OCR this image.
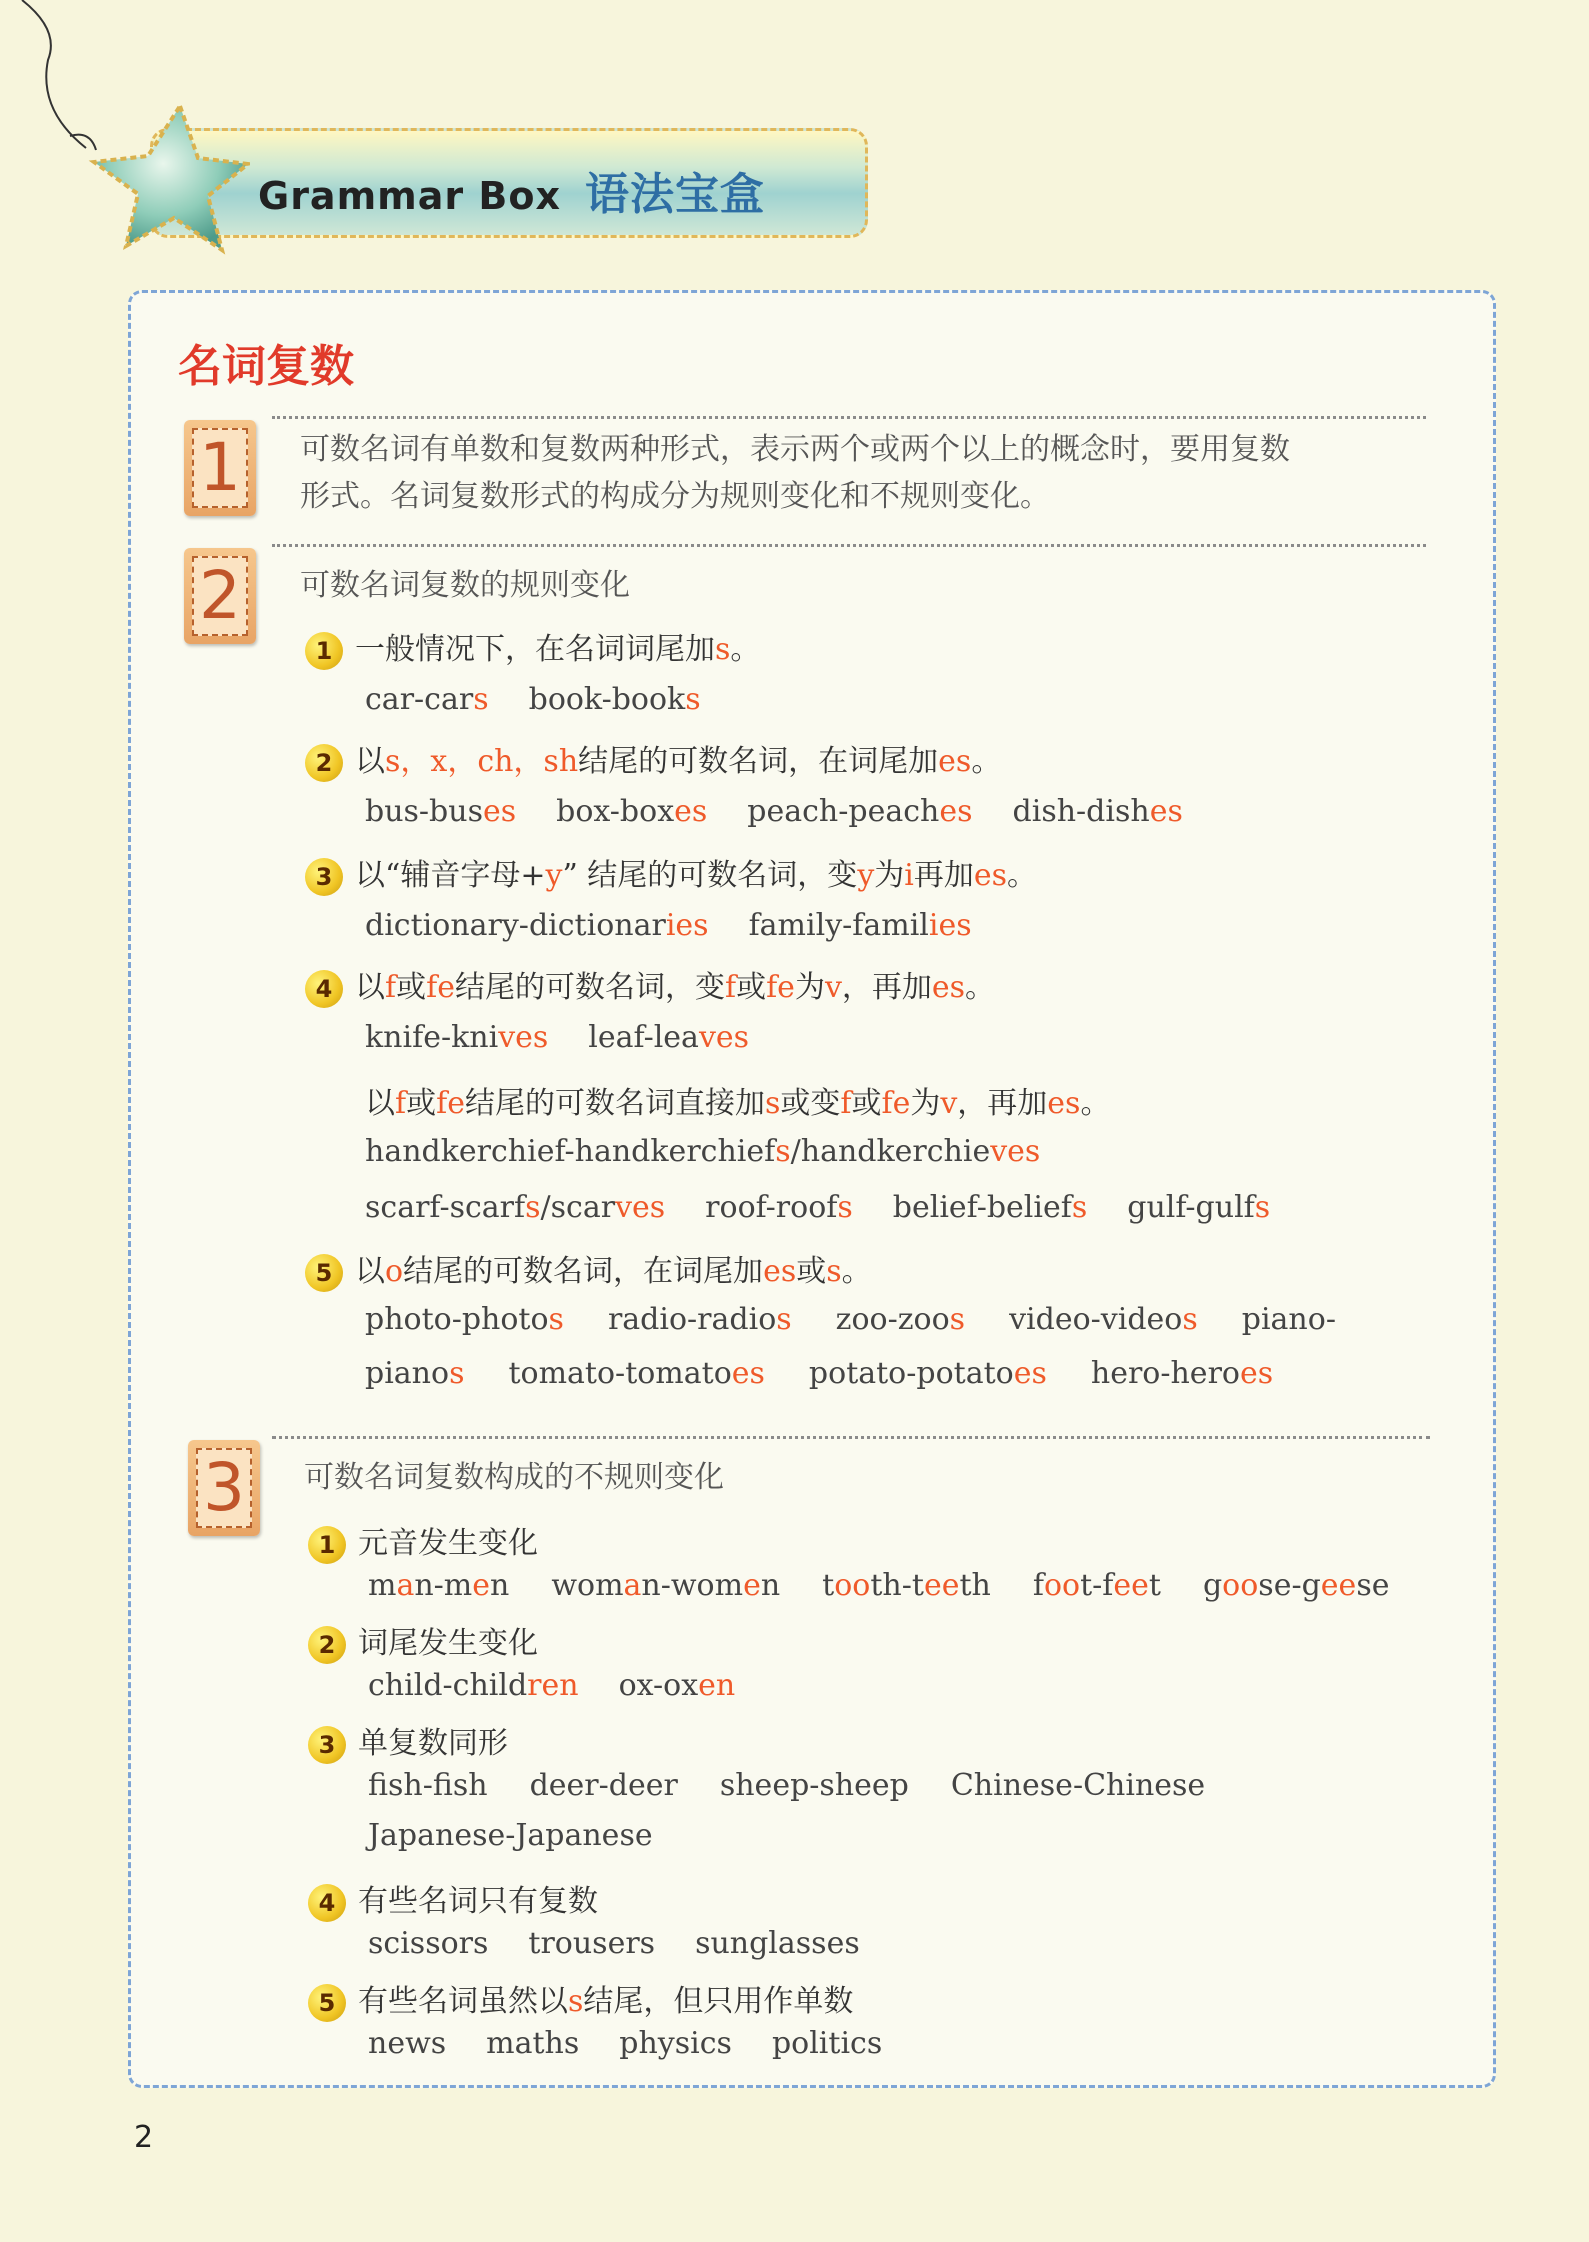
Grammar Box 语法宝盒
名词复数
1 可数名词有单数和复数两种形式，表示两个或两个以上的概念时，要用复数
形式。名词复数形式的构成分为规则变化和不规则变化。
2 可数名词复数的规则变化
3 可数名词复数构成的不规则变化
1 一般情况下，在名词词尾加s。
car-cars book-books
2 以s，x，ch，sh结尾的可数名词，在词尾加es。
bus-buses box-boxes peach-peaches dish-dishes
3 以“辅音字母+y” 结尾的可数名词，变y为i再加es。
dictionary-dictionaries family-families
4 以f或fe结尾的可数名词，变f或fe为v，再加es。
knife-knives leaf-leaves
以f或fe结尾的可数名词直接加s或变f或fe为v，再加es。
handkerchief-handkerchiefs/handkerchieves
scarf-scarfs/scarves roof-roofs belief-beliefs gulf-gulfs
5 以o结尾的可数名词，在词尾加es或s。
photo-photos radio-radios zoo-zoos video-videos piano-
pianos tomato-tomatoes potato-potatoes hero-heroes
1 元音发生变化
man-men woman-women tooth-teeth foot-feet goose-geese
2 词尾发生变化
child-children ox-oxen
3 单复数同形
fish-fish deer-deer sheep-sheep Chinese-Chinese
Japanese-Japanese
4 有些名词只有复数
scissors trousers sunglasses
5 有些名词虽然以s结尾，但只用作单数
news maths physics politics
2
